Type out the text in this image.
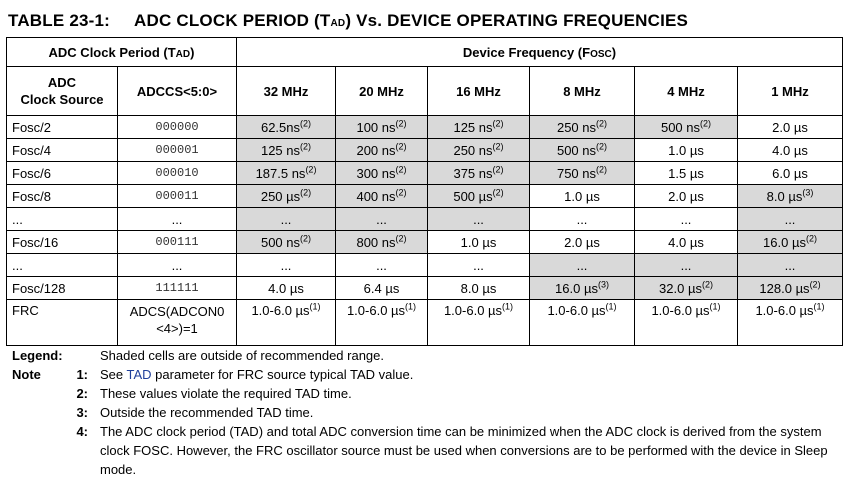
TABLE 23-1: ADC CLOCK PERIOD (TAD) Vs. DEVICE OPERATING FREQUENCIES
ADC Clock Period (TAD)		Device Frequency (FOSC)					
ADC
Clock Source	ADCCS<5:0>	32 MHz	20 MHz	16 MHz	8 MHz	4 MHz	1 MHz
Fosc/2	000000	$62.5ns^{(2)}$	100 $ns^{(2)}$	125 $ns^{(2)}$	250 $ns^{(2)}$	500 $ns^{(2)}$	2.0 µs
Fosc/4	000001	125 $ns^{(2)}$	200 $ns^{(2)}$	250 $ns^{(2)}$	500 $ns^{(2)}$	1.0 µs	4.0 µs
Fosc/6	000010	187.5 $ns^{(2)}$	300 $ns^{(2)}$	375 $ns^{(2)}$	750 $ns^{(2)}$	1.5 µs	6.0 µs
Fosc/8	000011	250 µs$^{(2)}$	400 $ns^{(2)}$	500 µs$^{(2)}$	1.0 µs	2.0 µs	8.0 µs$^{(3)}$
...	...	...	...	...	...	...	...
Fosc/16	000111	500 $ns^{(2)}$	800 $ns^{(2)}$	1.0 µs	2.0 µs	4.0 µs	16.0 µs$^{(2)}$
...	...	...	...	...	...	...	...
Fosc/128	111111	4.0 µs	6.4 µs	8.0 µs	16.0 µs$^{(3)}$	32.0 µs$^{(2)}$	128.0 µs$^{(2)}$
FRC	ADCS(ADCON0
<4>)=1	1.0-6.0 µs$^{(1)}$	1.0-6.0 µs$^{(1)}$	1.0-6.0 µs$^{(1)}$	1.0-6.0 µs$^{(1)}$	1.0-6.0 µs$^{(1)}$	1.0-6.0 µs$^{(1)}$
Legend:	Shaded cells are outside of recommended range.
Note	1: See TAD parameter for FRC source typical TAD value.
2: These values violate the required TAD time.
3: Outside the recommended TAD time.
4: The ADC clock period (TAD) and total ADC conversion time can be minimized when the ADC clock is derived from the system clock FOSC. However, the FRC oscillator source must be used when conversions are to be performed with the device in Sleep mode.
